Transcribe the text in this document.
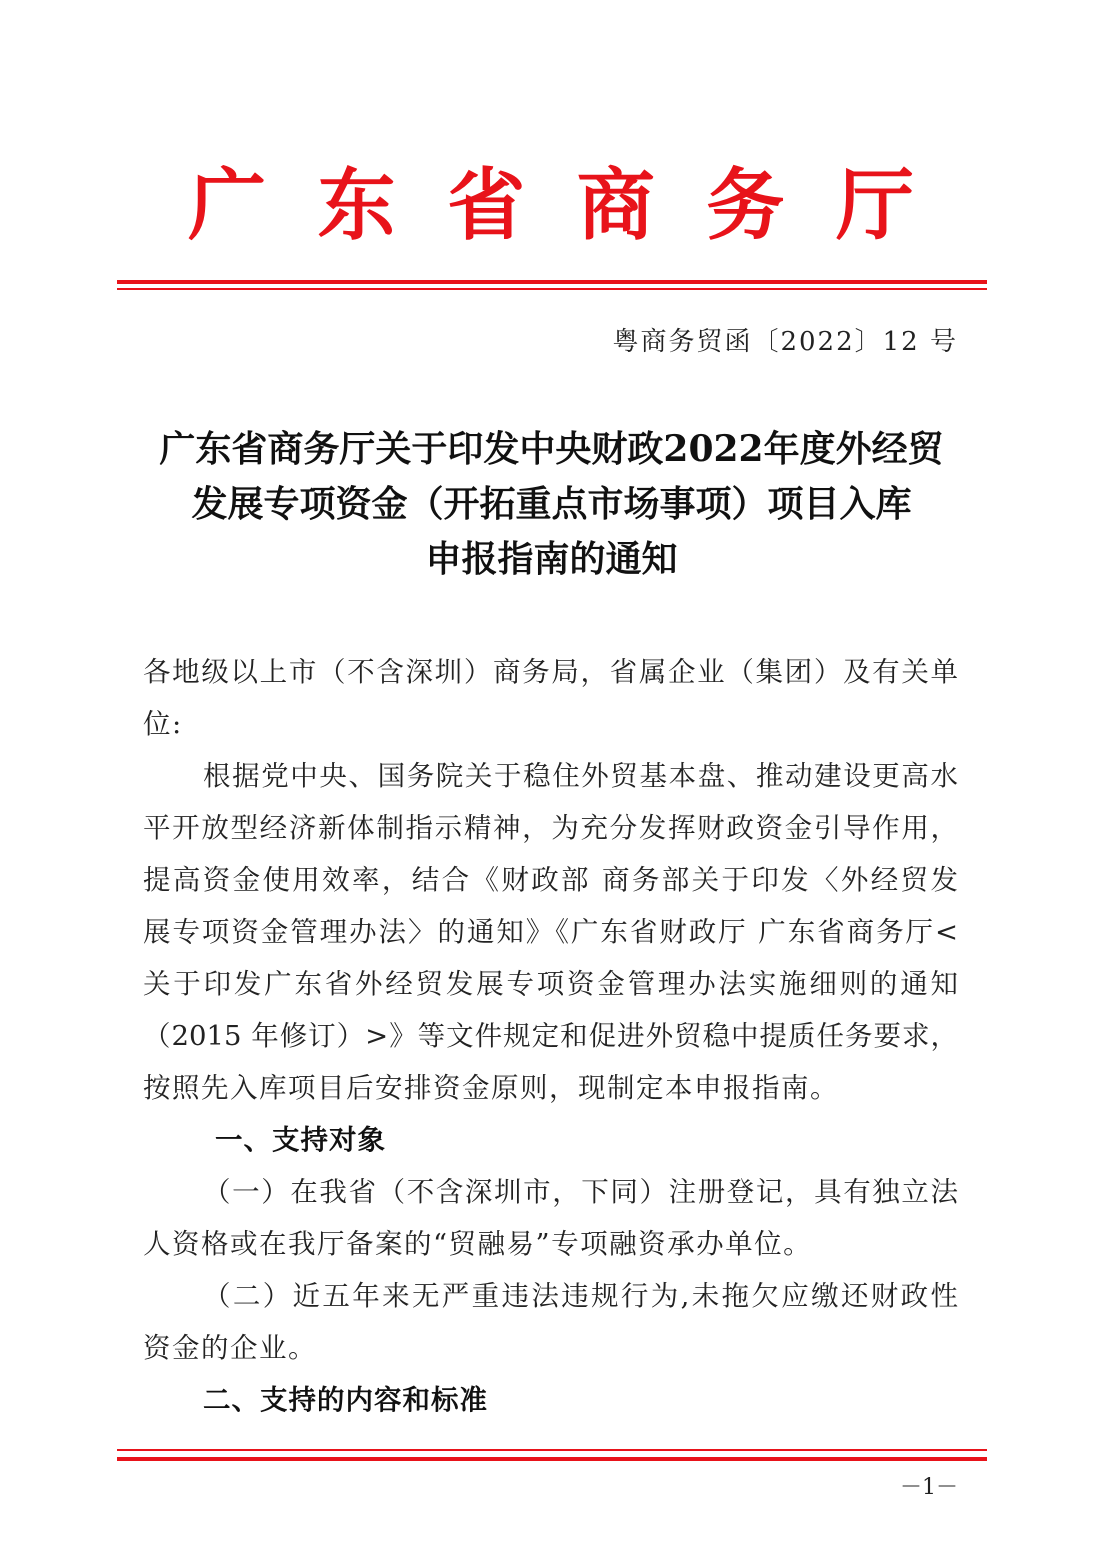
广东省商务厅
粤商务贸函〔2022〕12 号
广东省商务厅关于印发中央财政2022年度外经贸
发展专项资金（开拓重点市场事项）项目入库
申报指南的通知
各地级以上市（不含深圳）商务局，省属企业（集团）及有关单
位:
根据党中央、国务院关于稳住外贸基本盘、推动建设更高水
平开放型经济新体制指示精神，为充分发挥财政资金引导作用，
提高资金使用效率，结合《财政部 商务部关于印发〈外经贸发
展专项资金管理办法〉的通知》《广东省财政厅 广东省商务厅<
关于印发广东省外经贸发展专项资金管理办法实施细则的通知
（2015 年修订）>》等文件规定和促进外贸稳中提质任务要求，
按照先入库项目后安排资金原则，现制定本申报指南。
一、支持对象
（一）在我省（不含深圳市，下同）注册登记，具有独立法
人资格或在我厅备案的“贸融易”专项融资承办单位。
（二）近五年来无严重违法违规行为,未拖欠应缴还财政性
资金的企业。
二、支持的内容和标准
－1－
